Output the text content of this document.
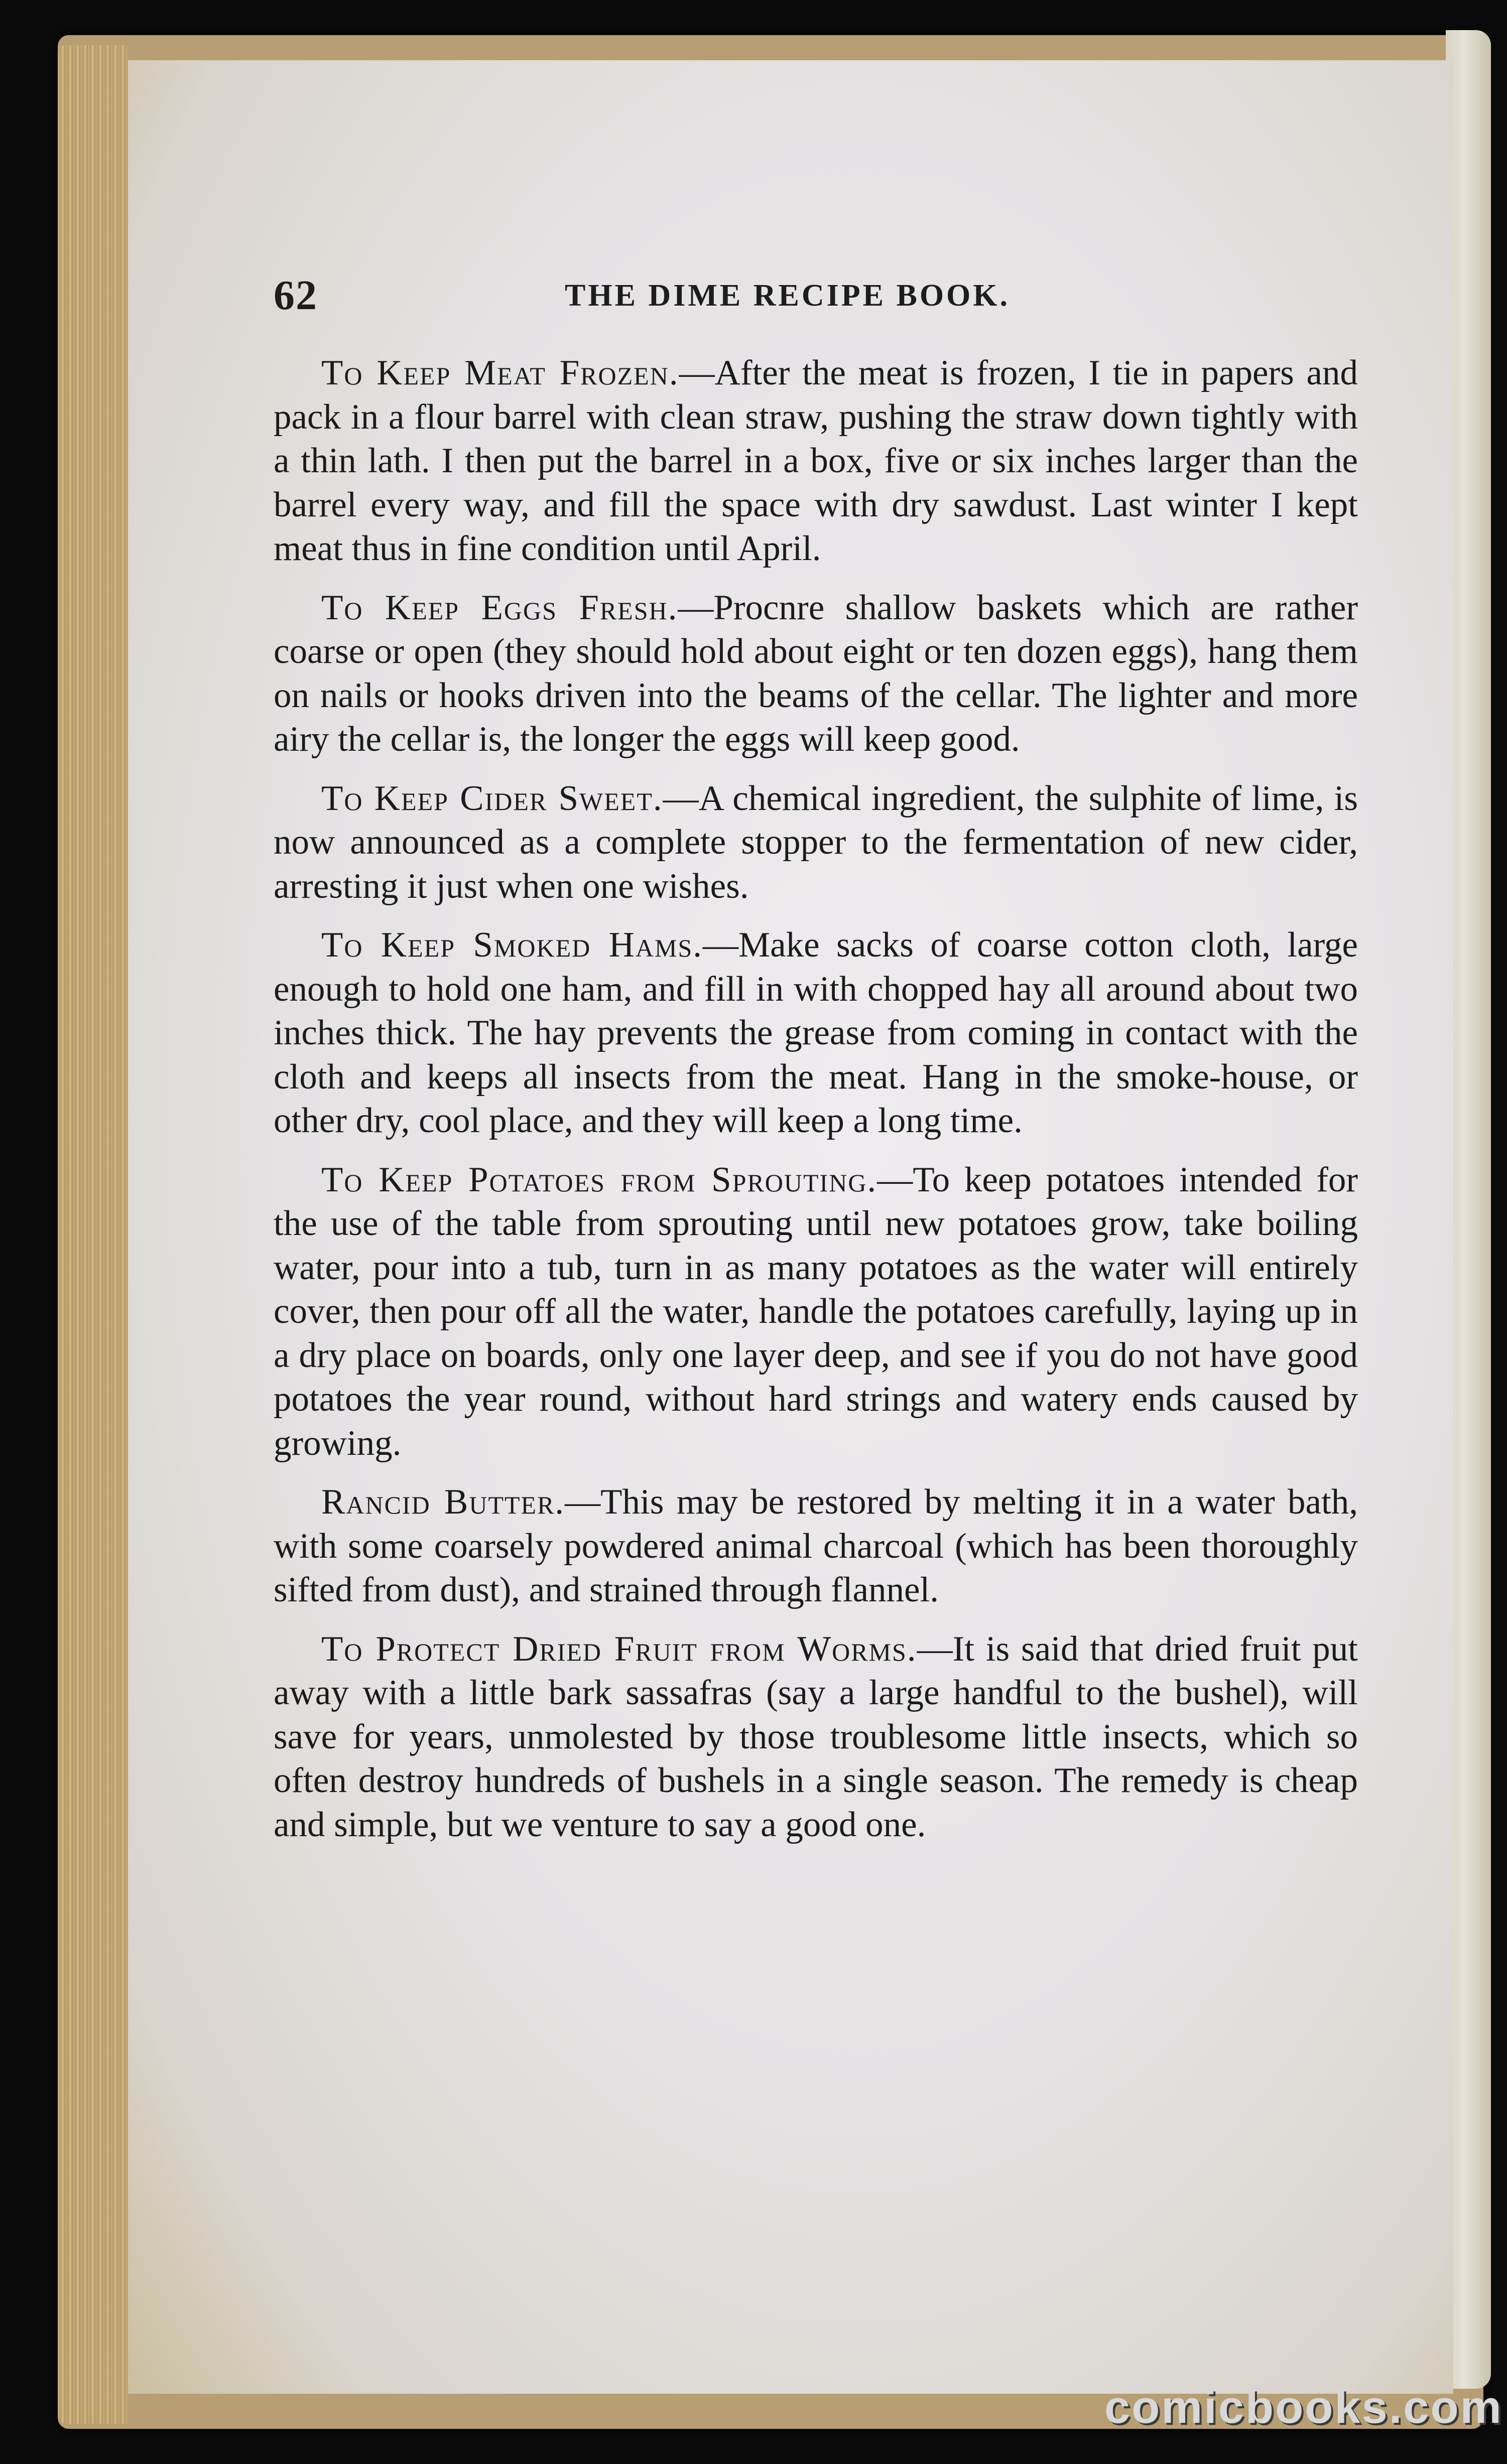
62	THE DIME RECIPE BOOK.

To Keep Meat Frozen.—After the meat is frozen, I tie in papers and pack in a flour barrel with clean straw, pushing the straw down tightly with a thin lath. I then put the barrel in a box, five or six inches larger than the barrel every way, and fill the space with dry sawdust. Last winter I kept meat thus in fine condition until April.

To Keep Eggs Fresh.—Procnre shallow baskets which are rather coarse or open (they should hold about eight or ten dozen eggs), hang them on nails or hooks driven into the beams of the cellar. The lighter and more airy the cellar is, the longer the eggs will keep good.

To Keep Cider Sweet.—A chemical ingredient, the sulphite of lime, is now announced as a complete stopper to the fermentation of new cider, arresting it just when one wishes.

To Keep Smoked Hams.—Make sacks of coarse cotton cloth, large enough to hold one ham, and fill in with chopped hay all around about two inches thick. The hay prevents the grease from coming in contact with the cloth and keeps all insects from the meat. Hang in the smoke-house, or other dry, cool place, and they will keep a long time.

To Keep Potatoes from Sprouting.—To keep potatoes intended for the use of the table from sprouting until new potatoes grow, take boiling water, pour into a tub, turn in as many potatoes as the water will entirely cover, then pour off all the water, handle the potatoes carefully, laying up in a dry place on boards, only one layer deep, and see if you do not have good potatoes the year round, without hard strings and watery ends caused by growing.

Rancid Butter.—This may be restored by melting it in a water bath, with some coarsely powdered animal charcoal (which has been thoroughly sifted from dust), and strained through flannel.

To Protect Dried Fruit from Worms.—It is said that dried fruit put away with a little bark sassafras (say a large handful to the bushel), will save for years, unmolested by those troublesome little insects, which so often destroy hundreds of bushels in a single season. The remedy is cheap and simple, but we venture to say a good one.

comicbooks.com
